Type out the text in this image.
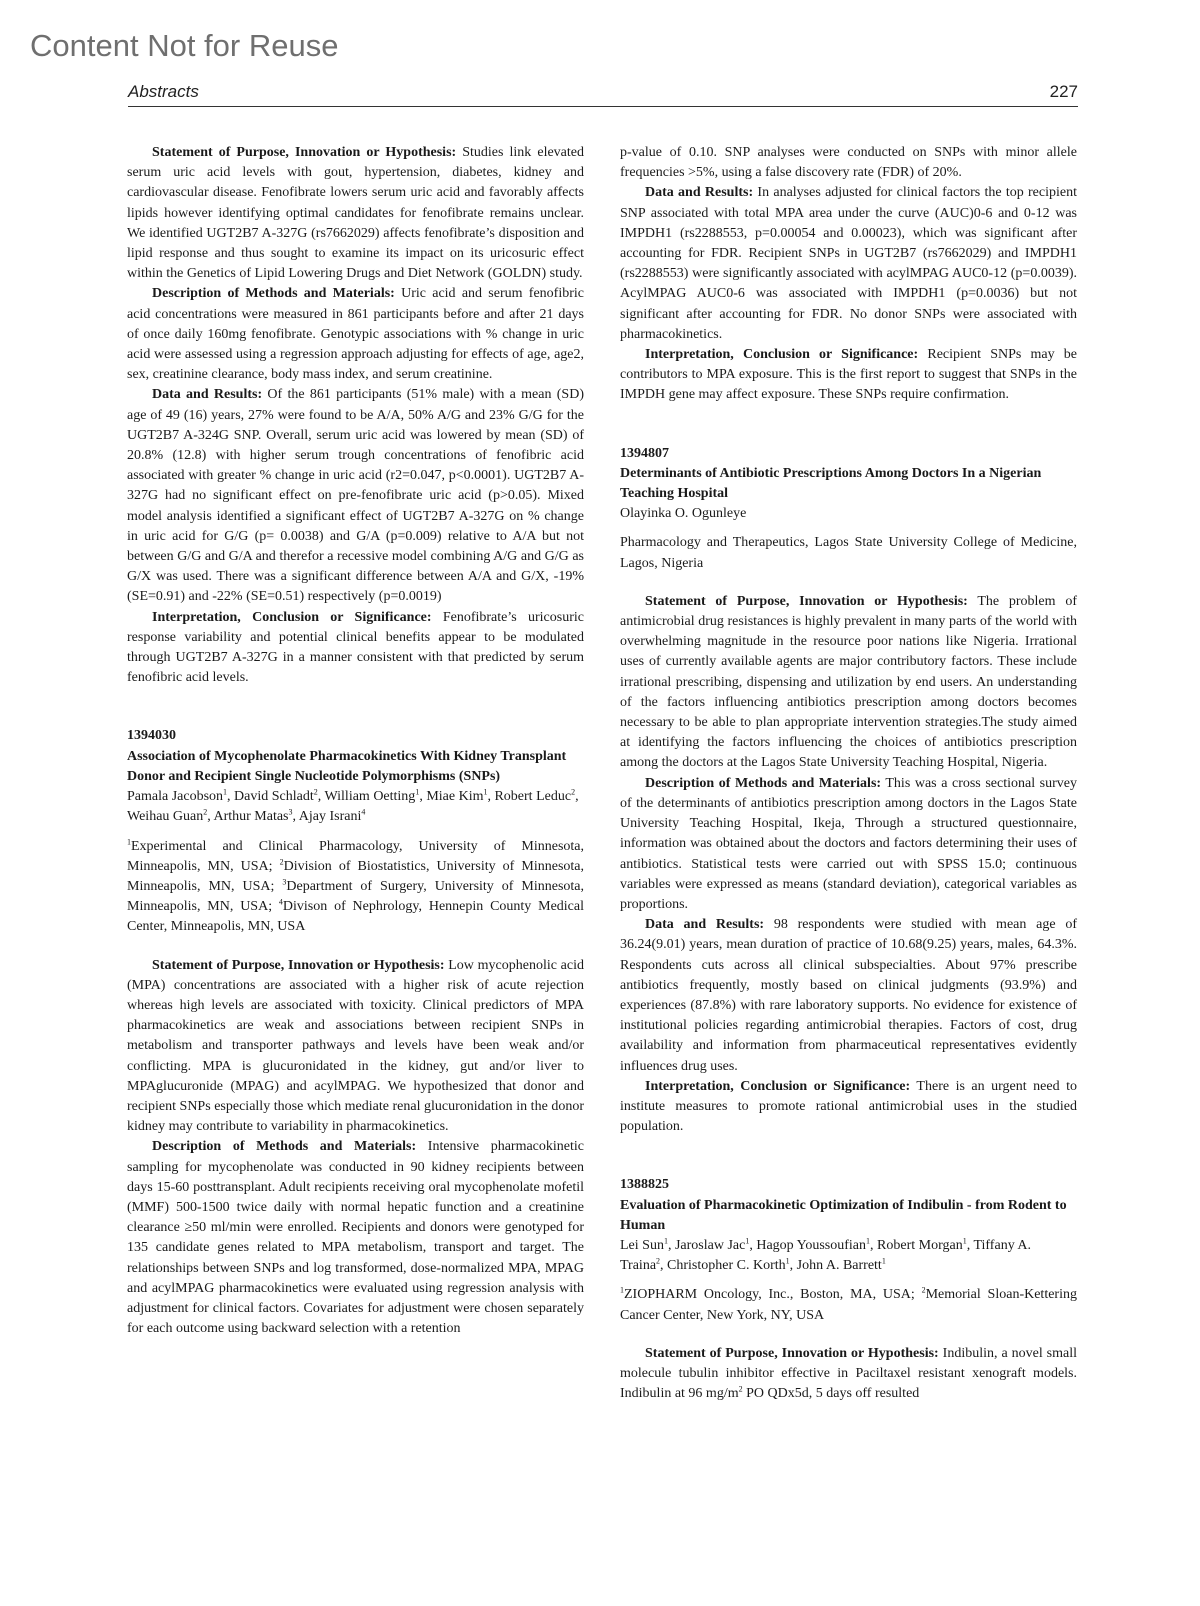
Content Not for Reuse
Abstracts	227

Statement of Purpose, Innovation or Hypothesis: Studies link elevated serum uric acid levels with gout, hypertension, diabetes, kidney and cardiovascular disease. Fenofibrate lowers serum uric acid and favorably affects lipids however identifying optimal candidates for fenofibrate remains unclear. We identified UGT2B7 A-327G (rs7662029) affects fenofibrate’s disposition and lipid response and thus sought to examine its impact on its uricosuric effect within the Genetics of Lipid Lowering Drugs and Diet Network (GOLDN) study.

Description of Methods and Materials: Uric acid and serum fenofibric acid concentrations were measured in 861 participants before and after 21 days of once daily 160mg fenofibrate. Genotypic associations with % change in uric acid were assessed using a regression approach adjusting for effects of age, age2, sex, creatinine clearance, body mass index, and serum creatinine.

Data and Results: Of the 861 participants (51% male) with a mean (SD) age of 49 (16) years, 27% were found to be A/A, 50% A/G and 23% G/G for the UGT2B7 A-324G SNP. Overall, serum uric acid was lowered by mean (SD) of 20.8% (12.8) with higher serum trough concentrations of fenofibric acid associated with greater % change in uric acid (r2=0.047, p<0.0001). UGT2B7 A-327G had no significant effect on pre-fenofibrate uric acid (p>0.05). Mixed model analysis identified a significant effect of UGT2B7 A-327G on % change in uric acid for G/G (p= 0.0038) and G/A (p=0.009) relative to A/A but not between G/G and G/A and therefor a recessive model combining A/G and G/G as G/X was used. There was a significant difference between A/A and G/X, -19% (SE=0.91) and -22% (SE=0.51) respectively (p=0.0019)

Interpretation, Conclusion or Significance: Fenofibrate’s uricosuric response variability and potential clinical benefits appear to be modulated through UGT2B7 A-327G in a manner consistent with that predicted by serum fenofibric acid levels.

1394030

Association of Mycophenolate Pharmacokinetics With Kidney Transplant Donor and Recipient Single Nucleotide Polymorphisms (SNPs)

Pamala Jacobson$^1$, David Schladt$^2$, William Oetting$^1$, Miae Kim$^1$, Robert Leduc$^2$, Weihau Guan$^2$, Arthur Matas$^3$, Ajay Israni$^4$

$^1$Experimental and Clinical Pharmacology, University of Minnesota, Minneapolis, MN, USA; $^2$Division of Biostatistics, University of Minnesota, Minneapolis, MN, USA; $^3$Department of Surgery, University of Minnesota, Minneapolis, MN, USA; $^4$Divison of Nephrology, Hennepin County Medical Center, Minneapolis, MN, USA

Statement of Purpose, Innovation or Hypothesis: Low mycophenolic acid (MPA) concentrations are associated with a higher risk of acute rejection whereas high levels are associated with toxicity. Clinical predictors of MPA pharmacokinetics are weak and associations between recipient SNPs in metabolism and transporter pathways and levels have been weak and/or conflicting. MPA is glucuronidated in the kidney, gut and/or liver to MPAglucuronide (MPAG) and acylMPAG. We hypothesized that donor and recipient SNPs especially those which mediate renal glucuronidation in the donor kidney may contribute to variability in pharmacokinetics.

Description of Methods and Materials: Intensive pharmacokinetic sampling for mycophenolate was conducted in 90 kidney recipients between days 15-60 posttransplant. Adult recipients receiving oral mycophenolate mofetil (MMF) 500-1500 twice daily with normal hepatic function and a creatinine clearance ≥50 ml/min were enrolled. Recipients and donors were genotyped for 135 candidate genes related to MPA metabolism, transport and target. The relationships between SNPs and log transformed, dose-normalized MPA, MPAG and acylMPAG pharmacokinetics were evaluated using regression analysis with adjustment for clinical factors. Covariates for adjustment were chosen separately for each outcome using backward selection with a retention

p-value of 0.10. SNP analyses were conducted on SNPs with minor allele frequencies >5%, using a false discovery rate (FDR) of 20%.

Data and Results: In analyses adjusted for clinical factors the top recipient SNP associated with total MPA area under the curve (AUC)0-6 and 0-12 was IMPDH1 (rs2288553, p=0.00054 and 0.00023), which was significant after accounting for FDR. Recipient SNPs in UGT2B7 (rs7662029) and IMPDH1 (rs2288553) were significantly associated with acylMPAG AUC0-12 (p=0.0039). AcylMPAG AUC0-6 was associated with IMPDH1 (p=0.0036) but not significant after accounting for FDR. No donor SNPs were associated with pharmacokinetics.

Interpretation, Conclusion or Significance: Recipient SNPs may be contributors to MPA exposure. This is the first report to suggest that SNPs in the IMPDH gene may affect exposure. These SNPs require confirmation.

1394807

Determinants of Antibiotic Prescriptions Among Doctors In a Nigerian Teaching Hospital

Olayinka O. Ogunleye

Pharmacology and Therapeutics, Lagos State University College of Medicine, Lagos, Nigeria

Statement of Purpose, Innovation or Hypothesis: The problem of antimicrobial drug resistances is highly prevalent in many parts of the world with overwhelming magnitude in the resource poor nations like Nigeria. Irrational uses of currently available agents are major contributory factors. These include irrational prescribing, dispensing and utilization by end users. An understanding of the factors influencing antibiotics prescription among doctors becomes necessary to be able to plan appropriate intervention strategies.The study aimed at identifying the factors influencing the choices of antibiotics prescription among the doctors at the Lagos State University Teaching Hospital, Nigeria.

Description of Methods and Materials: This was a cross sectional survey of the determinants of antibiotics prescription among doctors in the Lagos State University Teaching Hospital, Ikeja, Through a structured questionnaire, information was obtained about the doctors and factors determining their uses of antibiotics. Statistical tests were carried out with SPSS 15.0; continuous variables were expressed as means (standard deviation), categorical variables as proportions.

Data and Results: 98 respondents were studied with mean age of 36.24(9.01) years, mean duration of practice of 10.68(9.25) years, males, 64.3%. Respondents cuts across all clinical subspecialties. About 97% prescribe antibiotics frequently, mostly based on clinical judgments (93.9%) and experiences (87.8%) with rare laboratory supports. No evidence for existence of institutional policies regarding antimicrobial therapies. Factors of cost, drug availability and information from pharmaceutical representatives evidently influences drug uses.

Interpretation, Conclusion or Significance: There is an urgent need to institute measures to promote rational antimicrobial uses in the studied population.

1388825

Evaluation of Pharmacokinetic Optimization of Indibulin - from Rodent to Human

Lei Sun$^1$, Jaroslaw Jac$^1$, Hagop Youssoufian$^1$, Robert Morgan$^1$, Tiffany A. Traina$^2$, Christopher C. Korth$^1$, John A. Barrett$^1$

$^1$ZIOPHARM Oncology, Inc., Boston, MA, USA; $^2$Memorial Sloan-Kettering Cancer Center, New York, NY, USA

Statement of Purpose, Innovation or Hypothesis: Indibulin, a novel small molecule tubulin inhibitor effective in Paciltaxel resistant xenograft models. Indibulin at 96 $mg/m^2$ PO QDx5d, 5 days off resulted
